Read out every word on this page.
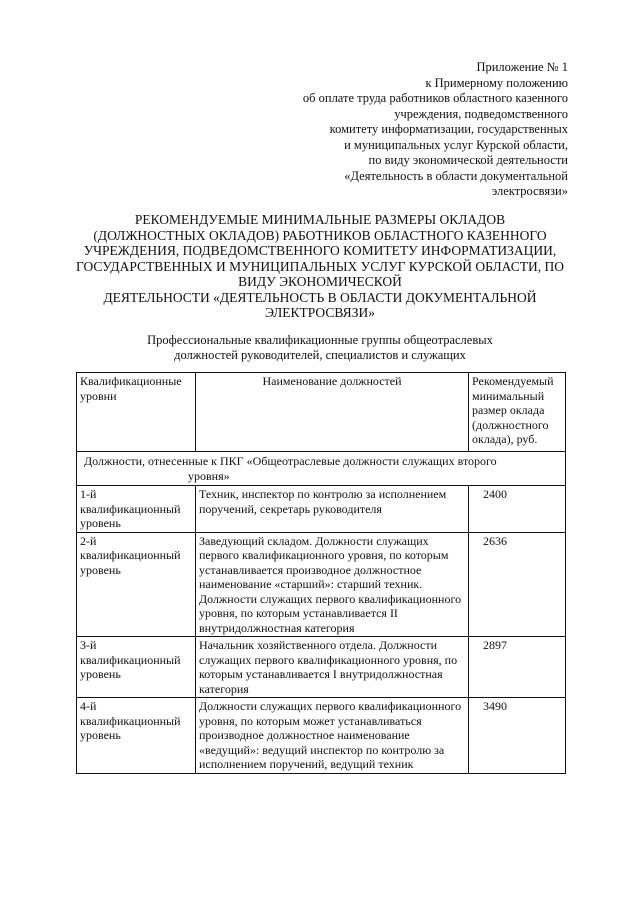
Приложение № 1
к Примерному положению
об оплате труда работников областного казенного
учреждения, подведомственного
комитету информатизации, государственных
и муниципальных услуг Курской области,
по виду экономической деятельности
«Деятельность в области документальной
электросвязи»
РЕКОМЕНДУЕМЫЕ МИНИМАЛЬНЫЕ РАЗМЕРЫ ОКЛАДОВ
(ДОЛЖНОСТНЫХ ОКЛАДОВ) РАБОТНИКОВ ОБЛАСТНОГО КАЗЕННОГО
УЧРЕЖДЕНИЯ, ПОДВЕДОМСТВЕННОГО КОМИТЕТУ ИНФОРМАТИЗАЦИИ,
ГОСУДАРСТВЕННЫХ И МУНИЦИПАЛЬНЫХ УСЛУГ КУРСКОЙ ОБЛАСТИ, ПО
ВИДУ ЭКОНОМИЧЕСКОЙ
ДЕЯТЕЛЬНОСТИ «ДЕЯТЕЛЬНОСТЬ В ОБЛАСТИ ДОКУМЕНТАЛЬНОЙ
ЭЛЕКТРОСВЯЗИ»
Профессиональные квалификационные группы общеотраслевых
должностей руководителей, специалистов и служащих
Квалификационные уровни	Наименование должностей	Рекомендуемый минимальный размер оклада (должностного оклада), руб.

Должности, отнесенные к ПКГ «Общеотраслевые должности служащих второго
уровня»		

1-й квалификационный уровень	Техник, инспектор по контролю за исполнением поручений, секретарь руководителя	2400
2-й квалификационный уровень	Заведующий складом. Должности служащих первого квалификационного уровня, по которым устанавливается производное должностное наименование «старший»: старший техник. Должности служащих первого квалификационного уровня, по которым устанавливается II внутридолжностная категория	2636
3-й квалификационный уровень	Начальник хозяйственного отдела. Должности служащих первого квалификационного уровня, по которым устанавливается I внутридолжностная категория	2897
4-й квалификационный уровень	Должности служащих первого квалификационного уровня, по которым может устанавливаться производное должностное наименование «ведущий»: ведущий инспектор по контролю за исполнением поручений, ведущий техник	3490
